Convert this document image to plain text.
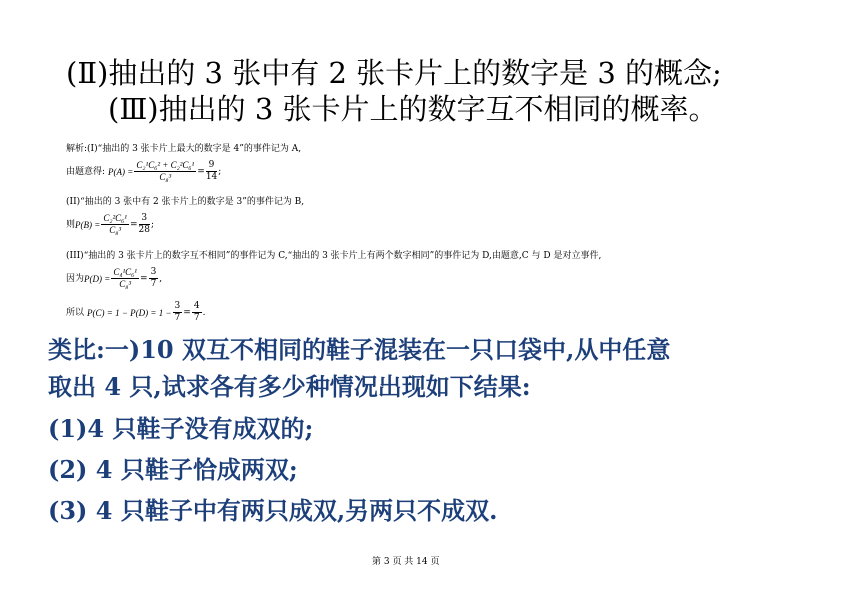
(Ⅱ)抽出的 3 张中有 2 张卡片上的数字是 3 的概念;
(Ⅲ)抽出的 3 张卡片上的数字互不相同的概率。
解析:(I)“抽出的 3 张卡片上最大的数字是 4”的事件记为 A,
由题意得: $P(A) = \frac{\text{C₂¹C₆² + C₂²C₆¹}}{\text{C₈³}} = \frac{9}{14}$ ;
(II)“抽出的 3 张中有 2 张卡片上的数字是 3”的事件记为 B,
则 $P(B) = \frac{\text{C₂²C₆¹}}{\text{C₈³}} = \frac{3}{28}$ ;
(III)“抽出的 3 张卡片上的数字互不相同”的事件记为 C,“抽出的 3 张卡片上有两个数字相同”的事件记为 D,由题意,C 与 D 是对立事件,
因为 $P(D) = \frac{\text{C₄¹C₆¹}}{\text{C₈³}} = \frac{3}{7}$ ,
所以 $P(C) = 1 - P(D) = 1 - \frac{3}{7} = \frac{4}{7}$ .
类比:一)10 双互不相同的鞋子混装在一只口袋中,从中任意
取出 4 只,试求各有多少种情况出现如下结果:
(1)4 只鞋子没有成双的;
(2) 4 只鞋子恰成两双;
(3) 4 只鞋子中有两只成双,另两只不成双.
第 3 页 共 14 页
